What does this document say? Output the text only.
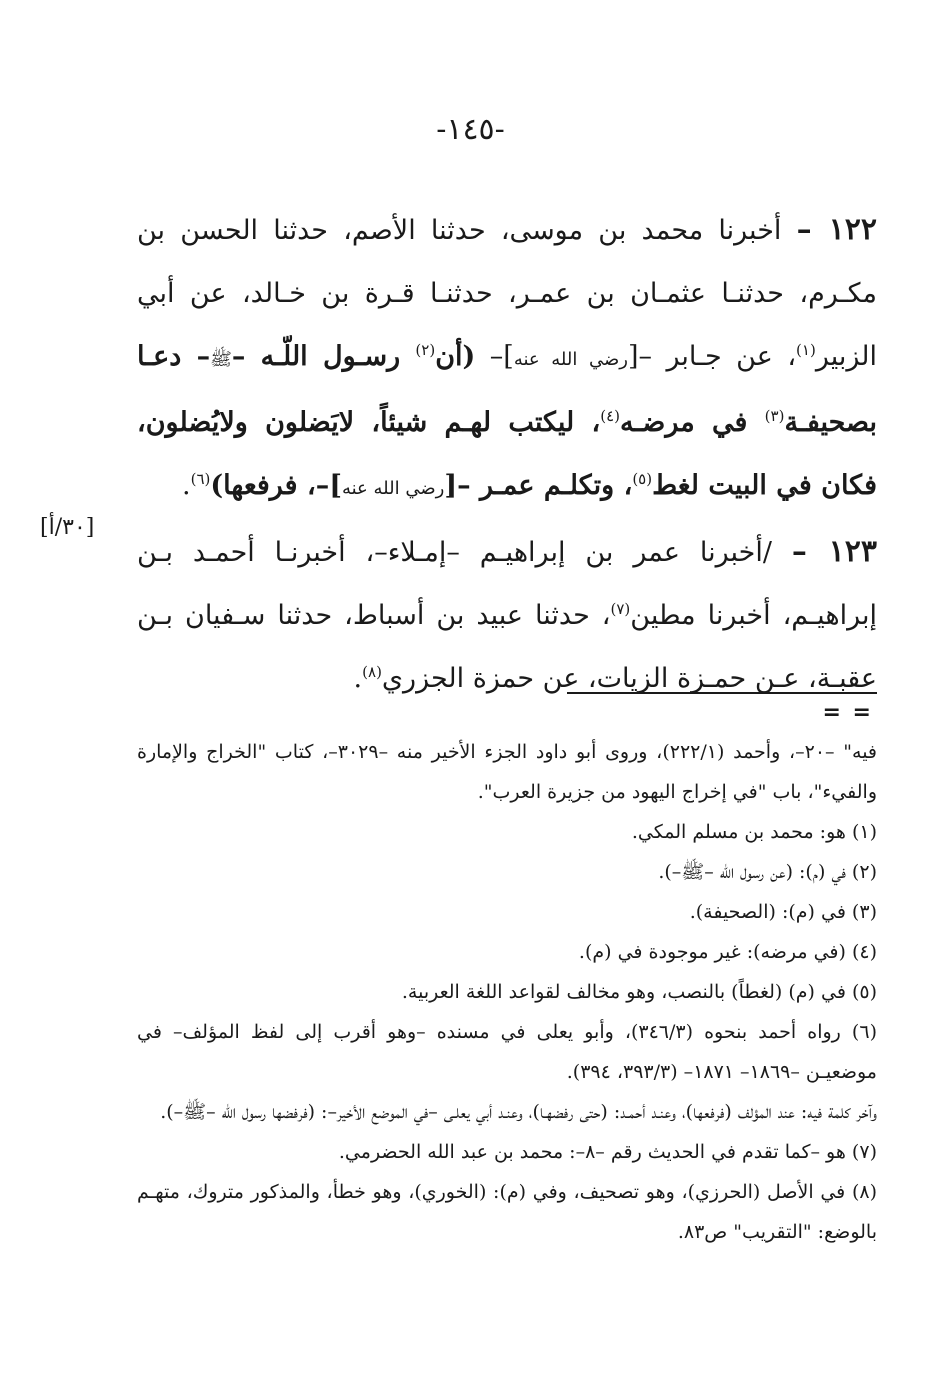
-١٤٥-
[٣٠/أ]

١٢٢ – أخبرنا محمد بن موسى، حدثنا الأصم، حدثنا الحسن بن مكـرم، حدثنـا عثمـان بن عمـر، حدثنـا قـرة بن خـالد، عن أبي الزبير$^{(١)}$، عن جـابر –[رضي الله عنه]– (أن$^{(٢)}$ رسـول اللّـه –ﷺ– دعـا بصحيفـة$^{(٣)}$ في مرضـه$^{(٤)}$، ليكتب لهـم شيئاً، لايَضلون ولايُضلون، فكان في البيت لغط$^{(٥)}$، وتكلـم عمـر –[رضي الله عنه]–، فرفعها)$^{(٦)}$.

١٢٣ – /أخبرنا عمر بن إبراهيـم –إمـلاء–، أخبرنـا أحمـد بـن إبراهيـم، أخبرنا مطين$^{(٧)}$، حدثنا عبيد بن أسباط، حدثنا سـفيان بـن عقبـة، عـن حمـزة الزيات، عن حمزة الجزري$^{(٨)}$.

= =

فيه" –٢٠–، وأحمد (٢٢٢/١)، وروى أبو داود الجزء الأخير منه –٣٠٢٩–، كتاب "الخراج والإمارة والفيء"، باب "في إخراج اليهود من جزيرة العرب".

(١) هو: محمد بن مسلم المكي.

(٢) في (م): (عن رسول الله –ﷺ–).

(٣) في (م): (الصحيفة).

(٤) (في مرضه): غير موجودة في (م).

(٥) في (م) (لغطاً) بالنصب، وهو مخالف لقواعد اللغة العربية.

(٦) رواه أحمد بنحوه (٣٤٦/٣)، وأبو يعلى في مسنده –وهو أقرب إلى لفظ المؤلف– في موضعيـن –١٨٦٩– ١٨٧١– (٣٩٣/٣، ٣٩٤).

وآخر كلمة فيه: عند المؤلف (فرفعها)، وعنـد أحمـد: (حتى رفضهـا)، وعنـد أبي يعلـى –في الموضع الأخير–: (فرفضها رسول الله –ﷺ–).

(٧) هو –كما تقدم في الحديث رقم –٨–: محمد بن عبد الله الحضرمي.

(٨) في الأصل (الحرزي)، وهو تصحيف، وفي (م): (الخوري)، وهو خطأ، والمذكور متروك، متهـم بالوضع: "التقريب" ص٨٣.
